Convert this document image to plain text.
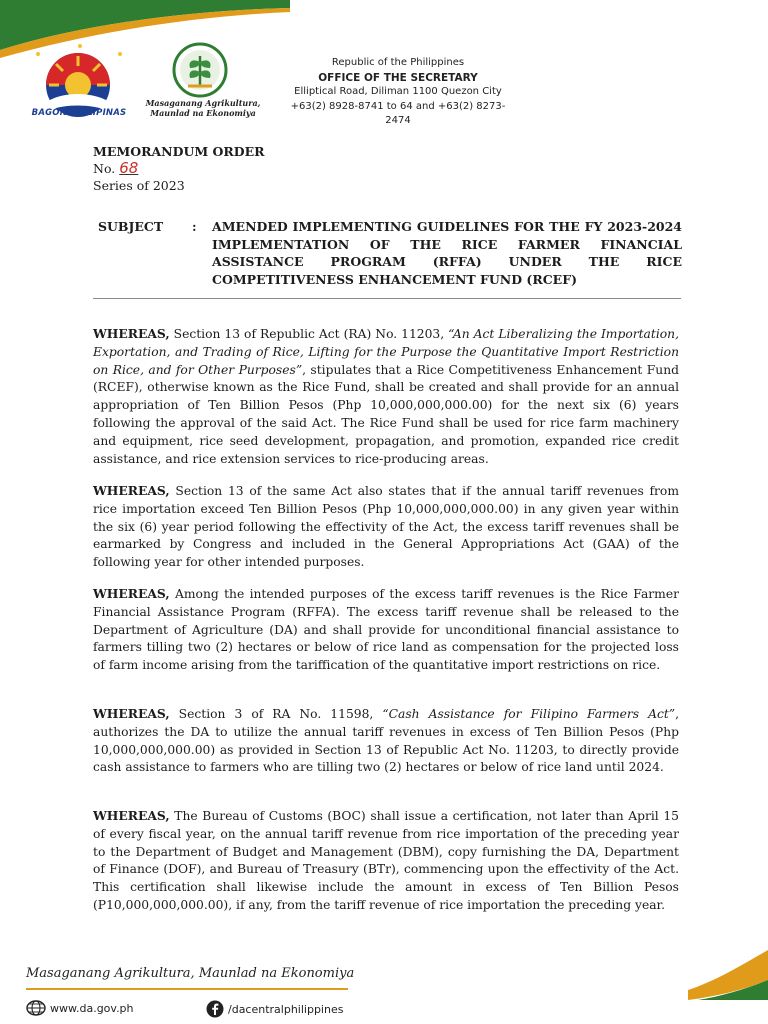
BAGONG PILIPINAS
Masaganang Agrikultura,
Maunlad na Ekonomiya
Republic of the Philippines
OFFICE OF THE SECRETARY
Elliptical Road, Diliman 1100 Quezon City
+63(2) 8928-8741 to 64 and +63(2) 8273-2474
MEMORANDUM ORDER
No. 68
Series of 2023
SUBJECT : AMENDED IMPLEMENTING GUIDELINES FOR THE FY 2023-2024 IMPLEMENTATION OF THE RICE FARMER FINANCIAL ASSISTANCE PROGRAM (RFFA) UNDER THE RICE COMPETITIVENESS ENHANCEMENT FUND (RCEF)

WHEREAS, Section 13 of Republic Act (RA) No. 11203, “An Act Liberalizing the Importation, Exportation, and Trading of Rice, Lifting for the Purpose the Quantitative Import Restriction on Rice, and for Other Purposes”, stipulates that a Rice Competitiveness Enhancement Fund (RCEF), otherwise known as the Rice Fund, shall be created and shall provide for an annual appropriation of Ten Billion Pesos (Php 10,000,000,000.00) for the next six (6) years following the approval of the said Act. The Rice Fund shall be used for rice farm machinery and equipment, rice seed development, propagation, and promotion, expanded rice credit assistance, and rice extension services to rice-producing areas.

WHEREAS, Section 13 of the same Act also states that if the annual tariff revenues from rice importation exceed Ten Billion Pesos (Php 10,000,000,000.00) in any given year within the six (6) year period following the effectivity of the Act, the excess tariff revenues shall be earmarked by Congress and included in the General Appropriations Act (GAA) of the following year for other intended purposes.

WHEREAS, Among the intended purposes of the excess tariff revenues is the Rice Farmer Financial Assistance Program (RFFA). The excess tariff revenue shall be released to the Department of Agriculture (DA) and shall provide for unconditional financial assistance to farmers tilling two (2) hectares or below of rice land as compensation for the projected loss of farm income arising from the tariffication of the quantitative import restrictions on rice.

WHEREAS, Section 3 of RA No. 11598, “Cash Assistance for Filipino Farmers Act”, authorizes the DA to utilize the annual tariff revenues in excess of Ten Billion Pesos (Php 10,000,000,000.00) as provided in Section 13 of Republic Act No. 11203, to directly provide cash assistance to farmers who are tilling two (2) hectares or below of rice land until 2024.

WHEREAS, The Bureau of Customs (BOC) shall issue a certification, not later than April 15 of every fiscal year, on the annual tariff revenue from rice importation of the preceding year to the Department of Budget and Management (DBM), copy furnishing the DA, Department of Finance (DOF), and Bureau of Treasury (BTr), commencing upon the effectivity of the Act. This certification shall likewise include the amount in excess of Ten Billion Pesos (P10,000,000,000.00), if any, from the tariff revenue of rice importation the preceding year.

Masaganang Agrikultura, Maunlad na Ekonomiya
www.da.gov.ph	/dacentralphilippines
